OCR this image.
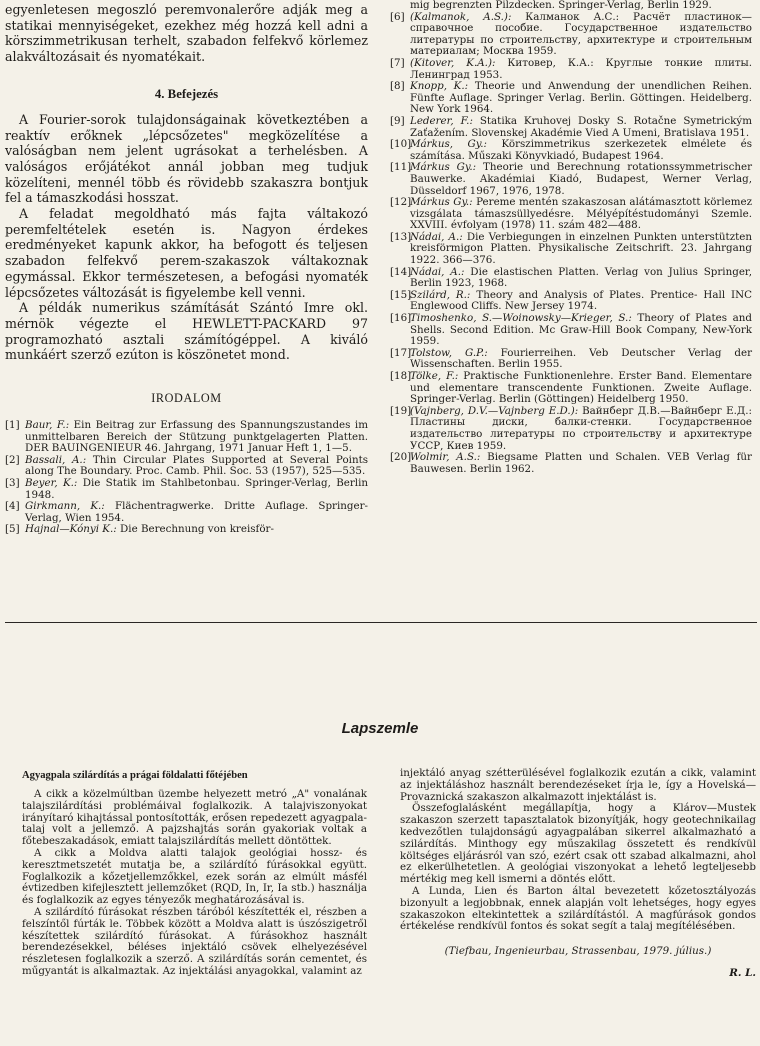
egyenletesen megoszló peremvonalerőre adják meg a statikai mennyiségeket, ezekhez még hozzá kell adni a körszimmetrikusan terhelt, szabadon felfekvő körlemez alakváltozásait és nyomatékait.

4. Befejezés

A Fourier-sorok tulajdonságainak következtében a reaktív erőknek „lépcsőzetes" megközelítése a valóságban nem jelent ugrásokat a terhelésben. A valóságos erőjátékot annál jobban meg tudjuk közelíteni, mennél több és rövidebb szakaszra bontjuk fel a támaszkodási hosszat.

A feladat megoldható más fajta váltakozó peremfeltételek esetén is. Nagyon érdekes eredményeket kapunk akkor, ha befogott és teljesen szabadon felfekvő perem-szakaszok váltakoznak egymással. Ekkor természetesen, a befogási nyomaték lépcsőzetes változását is figyelembe kell venni.

A példák numerikus számítását Szántó Imre okl. mérnök végezte el HEWLETT-PACKARD 97 programozható asztali számítógéppel. A kiváló munkáért szerző ezúton is köszönetet mond.

IRODALOM
[1] Baur, F.: Ein Beitrag zur Erfassung des Spannungszustandes im unmittelbaren Bereich der Stützung punktgelagerten Platten. DER BAUINGENIEUR 46. Jahrgang, 1971 Januar Heft 1, 1—5.
[2] Bassali, A.: Thin Circular Plates Supported at Several Points along The Boundary. Proc. Camb. Phil. Soc. 53 (1957), 525—535.
[3] Beyer, K.: Die Statik im Stahlbetonbau. Springer-Verlag, Berlin 1948.
[4] Girkmann, K.: Flächentragwerke. Dritte Auflage. Springer-Verlag, Wien 1954.
[5] Hajnal—Kónyi K.: Die Berechnung von kreisför-
mig begrenzten Pilzdecken. Springer-Verlag, Berlin 1929.
[6] (Kalmanok, A.S.): Калманок А.С.: Расчёт пластинок—справочное пособие. Государственное издательство литературы по строительству, архитектуре и строительным материалам; Москва 1959.
[7] (Kitover, K.A.): Китовер, К.А.: Круглые тонкие плиты. Ленинград 1953.
[8] Knopp, K.: Theorie und Anwendung der unendlichen Reihen. Fünfte Auflage. Springer Verlag. Berlin. Göttingen. Heidelberg. New York 1964.
[9] Lederer, F.: Statika Kruhovej Dosky S. Rotačne Symetrickým Zaťažením. Slovenskej Akadémie Vied A Umeni, Bratislava 1951.
[10]
Márkus, Gy.: Körszimmetrikus szerkezetek elmélete és számítása. Műszaki Könyvkiadó, Budapest 1964.
[11]
Márkus Gy.: Theorie und Berechnung rotationssymmetrischer Bauwerke. Akadémiai Kiadó, Budapest, Werner Verlag, Düsseldorf 1967, 1976, 1978.
[12]
Márkus Gy.: Pereme mentén szakaszosan alátámasztott körlemez vizsgálata támaszsüllyedésre. Mélyépítéstudományi Szemle. XXVIII. évfolyam (1978) 11. szám 482—488.
[13]
Nádai, A.: Die Verbiegungen in einzelnen Punkten unterstützten kreisförmigon Platten. Physikalische Zeitschrift. 23. Jahrgang 1922. 366—376.
[14]
Nádai, A.: Die elastischen Platten. Verlag von Julius Springer, Berlin 1923, 1968.
[15]
Szilárd, R.: Theory and Analysis of Plates. Prentice- Hall INC Englewood Cliffs. New Jersey 1974.
[16]
Timoshenko, S.—Woinowsky—Krieger, S.: Theory of Plates and Shells. Second Edition. Mc Graw-Hill Book Company, New-York 1959.
[17]
Tolstow, G.P.: Fourierreihen. Veb Deutscher Verlag der Wissenschaften. Berlin 1955.
[18]
Tölke, F.: Praktische Funktionenlehre. Erster Band. Elementare und elementare transcendente Funktionen. Zweite Auflage. Springer-Verlag. Berlin (Göttingen) Heidelberg 1950.
[19]
(Vajnberg, D.V.—Vajnberg E.D.): Вайнберг Д.В.—Вайнберг Е.Д.: Пластины диски, балки-стенки. Государственное издательство литературы по строительству и архитектуре УССР, Киев 1959.
[20]
Wolmir, A.S.: Biegsame Platten und Schalen. VEB Verlag für Bauwesen. Berlin 1962.
Lapszemle
Agyagpala szilárdítás a prágai földalatti főtéjében

A cikk a közelmúltban üzembe helyezett metró „A" vonalának talajszilárdítási problémáival foglalkozik. A talajviszonyokat irányítaró kihajtással pontosították, erősen repedezett agyagpala-talaj volt a jellemző. A pajzshajtás során gyakoriak voltak a főtebeszakadások, emiatt talajszilárdítás mellett döntöttek.

A cikk a Moldva alatti talajok geológiai hossz- és keresztmetszetét mutatja be, a szilárdító fúrásokkal együtt. Foglalkozik a kőzetjellemzőkkel, ezek során az elmúlt másfél évtizedben kifejlesztett jellemzőket (RQD, In, Ir, Ia stb.) használja és foglalkozik az egyes tényezők meghatározásával is.

A szilárdító fúrásokat részben tárόból készítették el, részben a felszíntől fúrták le. Többek között a Moldva alatt is úszószigetről készítettek szilárdító fúrásokat. A fúrásokhoz használt berendezésekkel, béléses injektáló csövek elhelyezésével részletesen foglalkozik a szerző. A szilárdítás során cementet, és műgyantát is alkalmaztak. Az injektálási anyagokkal, valamint az

injektáló anyag szétterülésével foglalkozik ezután a cikk, valamint az injektáláshoz használt berendezéseket írja le, így a Hovelská—Provaznická szakaszon alkalmazott injektálást is.

Összefoglalásként megállapítja, hogy a Klárov—Mustek szakaszon szerzett tapasztalatok bizonyítják, hogy geotechnikailag kedvezőtlen tulajdonságú agyagpalában sikerrel alkalmazható a szilárdítás. Minthogy egy műszakilag összetett és rendkívül költséges eljárásról van szó, ezért csak ott szabad alkalmazni, ahol ez elkerülhetetlen. A geológiai viszonyokat a lehető legteljesebb mértékig meg kell ismerni a döntés előtt.

A Lunda, Lien és Barton által bevezetett kőzetosztályozás bizonyult a legjobbnak, ennek alapján volt lehetséges, hogy egyes szakaszokon eltekintettek a szilárdítástól. A magfúrások gondos értékelése rendkívül fontos és sokat segít a talaj megítélésében.

(Tiefbau, Ingenieurbau, Strassenbau, 1979. július.)
R. L.
